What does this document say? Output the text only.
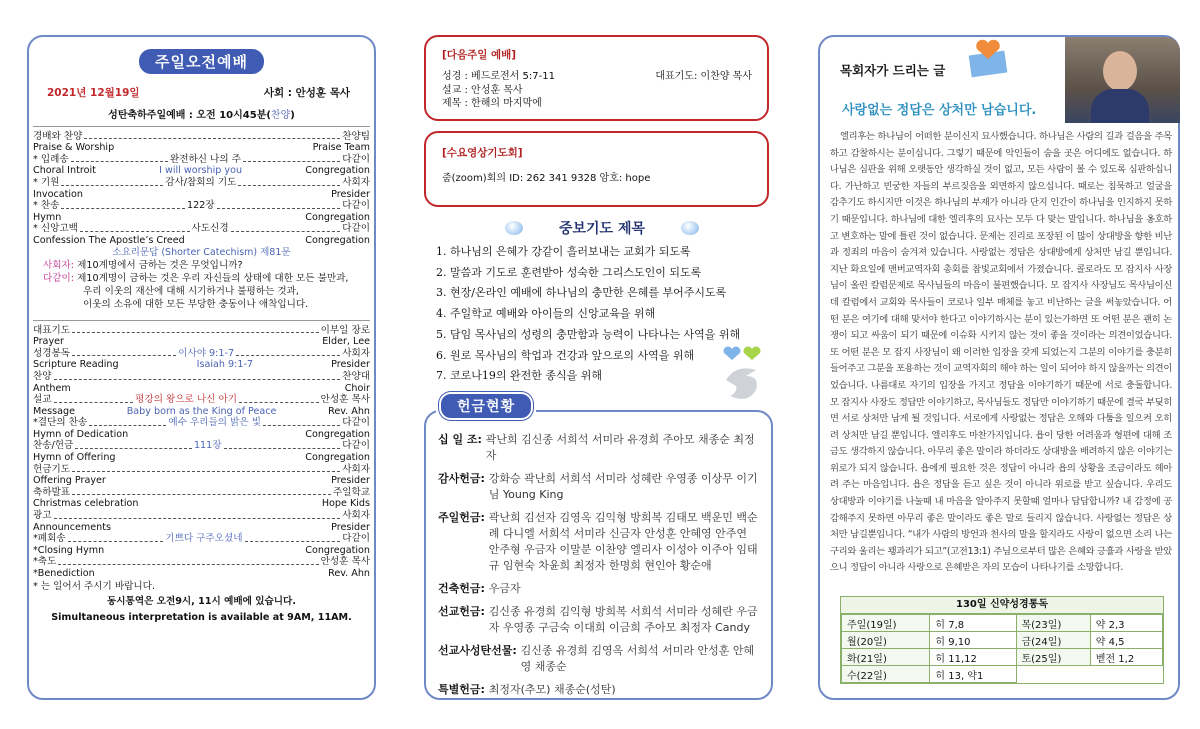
주일오전예배
2021년 12월19일	사회 : 안성훈 목사
성탄축하주일예배 : 오전 10시45분(찬양)
경배와 찬양	찬양팀
Praise & Worship	Praise Team
* 입례송	완전하신 나의 주	다같이
Choral Introit	I will worship you	Congregation
* 기원	감사/참회의 기도	사회자
Invocation	Presider
* 찬송	122장	다같이
Hymn	Congregation
* 신앙고백	사도신경	다같이
Confession The Apostle’s Creed	Congregation
소요리문답 (Shorter Catechism) 제81문
사회자: 제10계명에서 금하는 것은 무엇입니까?
다같이: 제10계명이 금하는 것은 우리 자신들의 상태에 대한 모든 불만과,
우리 이웃의 재산에 대해 시기하거나 불평하는 것과,
이웃의 소유에 대한 모든 부당한 충동이나 애착입니다.
대표기도	이부일 장로
Prayer	Elder, Lee
성경봉독	이사야 9:1-7	사회자
Scripture Reading	Isaiah 9:1-7	Presider
찬양	찬양대
Anthem	Choir
설교	평강의 왕으로 나신 아기	안성훈 목사
Message	Baby born as the King of Peace	Rev. Ahn
*결단의 찬송	예수 우리들의 밝은 빛	다같이
Hymn of Dedication	Congregation
찬송/헌금	111장	다같이
Hymn of Offering	Congregation
헌금기도	사회자
Offering Prayer	Presider
축하발표	주일학교
Christmas celebration	Hope Kids
광고	사회자
Announcements	Presider
*폐회송	기쁘다 구주오셨네	다같이
*Closing Hymn	Congregation
*축도	안성훈 목사
*Benediction	Rev. Ahn
* 는 일어서 주시기 바랍니다.
동시통역은 오전9시, 11시 예배에 있습니다.
Simultaneous interpretation is available at 9AM, 11AM.
[다음주일 예배]
성경 : 베드로전서 5:7-11	대표기도: 이찬양 목사
설교 : 안성훈 목사
제목 : 한해의 마지막에
[수요영상기도회]
줌(zoom)회의 ID: 262 341 9328 암호: hope
중보기도 제목
1. 하나님의 은혜가 강같이 흘러보내는 교회가 되도록
2. 말씀과 기도로 훈련받아 성숙한 그리스도인이 되도록
3. 현장/온라인 예배에 하나님의 충만한 은혜를 부어주시도록
4. 주일학교 예배와 아이들의 신앙교육을 위해
5. 담임 목사님의 성령의 충만함과 능력이 나타나는 사역을 위해
6. 원로 목사님의 학업과 건강과 앞으로의 사역을 위해
7. 코로나19의 완전한 종식을 위해
헌금현황
십 일 조 : 곽난희 김신종 서희석 서미라 유경희 주아모 채종순 최정자
감사헌금 : 강화승 곽난희 서희석 서미라 성혜란 우영종 이상무 이기님 Young King
주일헌금 : 곽난희 김선자 김영옥 김익형 방희복 김태모 백운민 백순례 다니엘 서희석 서미라 신금자 안성훈 안혜영 안주연 안주형 우금자 이말분 이찬양 엘리사 이성아 이주아 임태규 임현숙 차윤희 최정자 한명희 현인아 황순애
건축헌금 : 우금자
선교헌금 : 김신종 유경희 김익형 방희복 서희석 서미라 성혜란 우금자 우영종 구금숙 이대희 이금희 주아모 최정자 Candy
선교사성탄선물 : 김신종 유경희 김영옥 서희석 서미라 안성훈 안혜영 채종순
특별헌금 : 최정자(추모) 채종순(성탄)
목회자가 드리는 글
사랑없는 정답은 상처만 남습니다.
엘리후는 하나님이 어떠한 분이신지 묘사했습니다. 하나님은 사람의 길과 걸음을 주목하고 감찰하시는 분이십니다. 그렇기 때문에 악인들이 숨을 곳은 어디에도 없습니다. 하나님은 심판을 위해 오랫동안 생각하실 것이 없고, 모든 사람이 볼 수 있도록 심판하십니다. 가난하고 빈궁한 자들의 부르짖음을 외면하지 않으십니다. 때로는 침묵하고 얼굴을 감추기도 하시지만 이것은 하나님의 부재가 아니라 단지 인간이 하나님을 인지하지 못하기 때문입니다. 하나님에 대한 엘리후의 묘사는 모두 다 맞는 말입니다. 하나님을 옹호하고 변호하는 말에 틀린 것이 없습니다. 문제는 진리로 포장된 이 많이 상대방을 향한 비난과 정죄의 마음이 숨겨져 있습니다. 사랑없는 정답은 상대방에게 상처만 남길 뿐입니다. 지난 화요일에 맨버교역자회 총회를 참빛교회에서 가졌습니다. 콜로라도 모 잡지사 사장님이 올린 칼럼문제로 목사님들의 마음이 불편했습니다. 모 잡지사 사장님도 목사님이신데 칼럼에서 교회와 목사들이 코로나 일부 매체를 놓고 비난하는 글을 써놓았습니다. 어떤 분은 여기에 대해 맞서야 한다고 이야기하시는 분이 있는가하면 또 어떤 분은 괜히 논쟁이 되고 싸움이 되기 때문에 이슈화 시키지 않는 것이 좋을 것이라는 의견이었습니다. 또 어떤 분은 모 잡지 사장님이 왜 이러한 입장을 갖게 되었는지 그분의 이야기를 충분히 들어주고 그분을 포용하는 것이 교역자회의 해야 하는 일이 되어야 하지 않을까는 의견이었습니다. 나름대로 자기의 입장을 가지고 정답을 이야기하기 때문에 서로 충돌합니다. 모 잡지사 사장도 정답만 이야기하고, 목사님들도 정답만 이야기하기 때문에 결국 부딪히면 서로 상처만 남게 될 것입니다. 서로에게 사랑없는 정답은 오해와 다툼을 일으켜 오히려 상처만 남길 뿐입니다. 엘리후도 마찬가지입니다. 욥이 당한 어려움과 형편에 대해 조금도 생각하지 않습니다. 아무리 좋은 말이라 하더라도 상대방을 배려하지 않은 이야기는 위로가 되지 않습니다. 욥에게 필요한 것은 정답이 아니라 욥의 상황을 조금이라도 헤아려 주는 마음입니다. 욥은 정답을 듣고 싶은 것이 아니라 위로를 받고 싶습니다. 우리도 상대방과 이야기를 나눌때 내 마음을 알아주지 못할때 얼마나 답답합니까? 내 감정에 공감해주지 못하면 아무리 좋은 말이라도 좋은 말로 들리지 않습니다. 사랑없는 정답은 상처만 남길뿐입니다. “내가 사람의 방언과 천사의 말을 할지라도 사랑이 없으면 소리 나는 구리와 울리는 꽹과리가 되고”(고전13:1) 주님으로부터 많은 은혜와 긍휼과 사랑을 받았으니 정답이 아니라 사랑으로 은혜받은 자의 모습이 나타나기를 소망합니다.
130일 신약성경통독
주일(19일)	히 7,8	목(23일)	약 2,3
월(20일)	히 9,10	금(24일)	약 4,5
화(21일)	히 11,12	토(25일)	벧전 1,2
수(22일)	히 13, 약1		
